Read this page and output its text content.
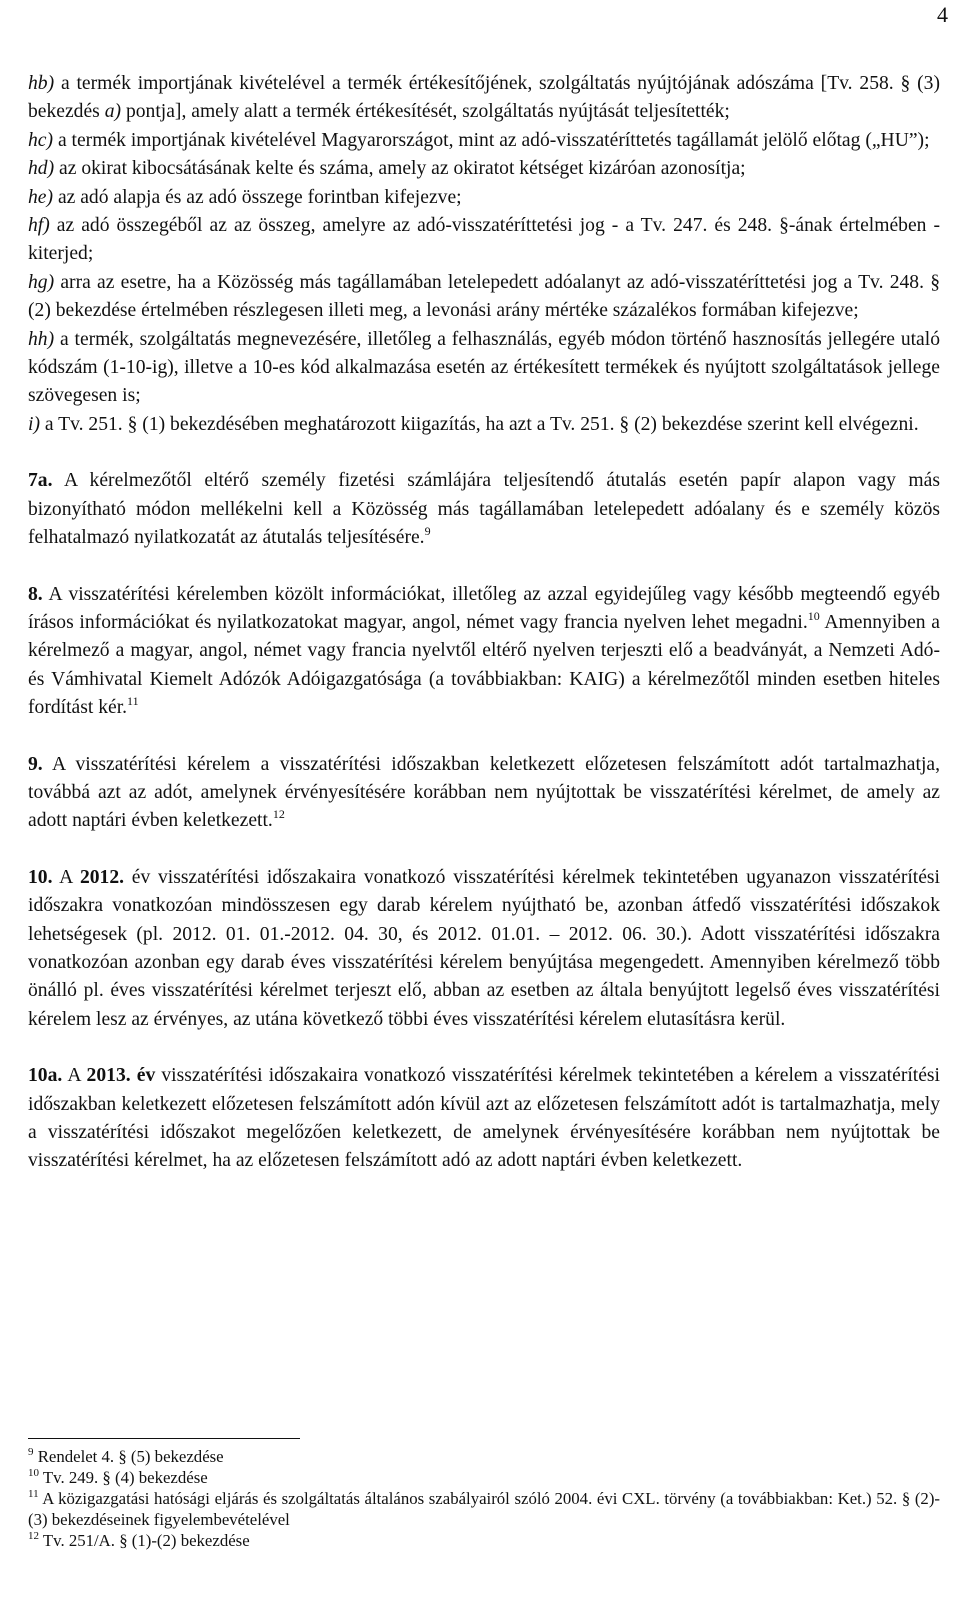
4

hb) a termék importjának kivételével a termék értékesítőjének, szolgáltatás nyújtójának adószáma [Tv. 258. § (3) bekezdés a) pontja], amely alatt a termék értékesítését, szolgáltatás nyújtását teljesítették;

hc) a termék importjának kivételével Magyarországot, mint az adó-visszatéríttetés tagállamát jelölő előtag („HU”);

hd) az okirat kibocsátásának kelte és száma, amely az okiratot kétséget kizáróan azonosítja;

he) az adó alapja és az adó összege forintban kifejezve;

hf) az adó összegéből az az összeg, amelyre az adó-visszatéríttetési jog - a Tv. 247. és 248. §-ának értelmében - kiterjed;

hg) arra az esetre, ha a Közösség más tagállamában letelepedett adóalanyt az adó-visszatéríttetési jog a Tv. 248. § (2) bekezdése értelmében részlegesen illeti meg, a levonási arány mértéke százalékos formában kifejezve;

hh) a termék, szolgáltatás megnevezésére, illetőleg a felhasználás, egyéb módon történő hasznosítás jellegére utaló kódszám (1-10-ig), illetve a 10-es kód alkalmazása esetén az értékesített termékek és nyújtott szolgáltatások jellege szövegesen is;

i) a Tv. 251. § (1) bekezdésében meghatározott kiigazítás, ha azt a Tv. 251. § (2) bekezdése szerint kell elvégezni.

7a. A kérelmezőtől eltérő személy fizetési számlájára teljesítendő átutalás esetén papír alapon vagy más bizonyítható módon mellékelni kell a Közösség más tagállamában letelepedett adóalany és e személy közös felhatalmazó nyilatkozatát az átutalás teljesítésére.$^9$

8. A visszatérítési kérelemben közölt információkat, illetőleg az azzal egyidejűleg vagy később megteendő egyéb írásos információkat és nyilatkozatokat magyar, angol, német vagy francia nyelven lehet megadni.$^{10}$ Amennyiben a kérelmező a magyar, angol, német vagy francia nyelvtől eltérő nyelven terjeszti elő a beadványát, a Nemzeti Adó- és Vámhivatal Kiemelt Adózók Adóigazgatósága (a továbbiakban: KAIG) a kérelmezőtől minden esetben hiteles fordítást kér.$^{11}$

9. A visszatérítési kérelem a visszatérítési időszakban keletkezett előzetesen felszámított adót tartalmazhatja, továbbá azt az adót, amelynek érvényesítésére korábban nem nyújtottak be visszatérítési kérelmet, de amely az adott naptári évben keletkezett.$^{12}$

10. A 2012. év visszatérítési időszakaira vonatkozó visszatérítési kérelmek tekintetében ugyanazon visszatérítési időszakra vonatkozóan mindösszesen egy darab kérelem nyújtható be, azonban átfedő visszatérítési időszakok lehetségesek (pl. 2012. 01. 01.-2012. 04. 30, és 2012. 01.01. – 2012. 06. 30.). Adott visszatérítési időszakra vonatkozóan azonban egy darab éves visszatérítési kérelem benyújtása megengedett. Amennyiben kérelmező több önálló pl. éves visszatérítési kérelmet terjeszt elő, abban az esetben az általa benyújtott legelső éves visszatérítési kérelem lesz az érvényes, az utána következő többi éves visszatérítési kérelem elutasításra kerül.

10a. A 2013. év visszatérítési időszakaira vonatkozó visszatérítési kérelmek tekintetében a kérelem a visszatérítési időszakban keletkezett előzetesen felszámított adón kívül azt az előzetesen felszámított adót is tartalmazhatja, mely a visszatérítési időszakot megelőzően keletkezett, de amelynek érvényesítésére korábban nem nyújtottak be visszatérítési kérelmet, ha az előzetesen felszámított adó az adott naptári évben keletkezett.

$^9$ Rendelet 4. § (5) bekezdése

$^{10}$ Tv. 249. § (4) bekezdése

$^{11}$ A közigazgatási hatósági eljárás és szolgáltatás általános szabályairól szóló 2004. évi CXL. törvény (a továbbiakban: Ket.) 52. § (2)-(3) bekezdéseinek figyelembevételével

$^{12}$ Tv. 251/A. § (1)-(2) bekezdése
